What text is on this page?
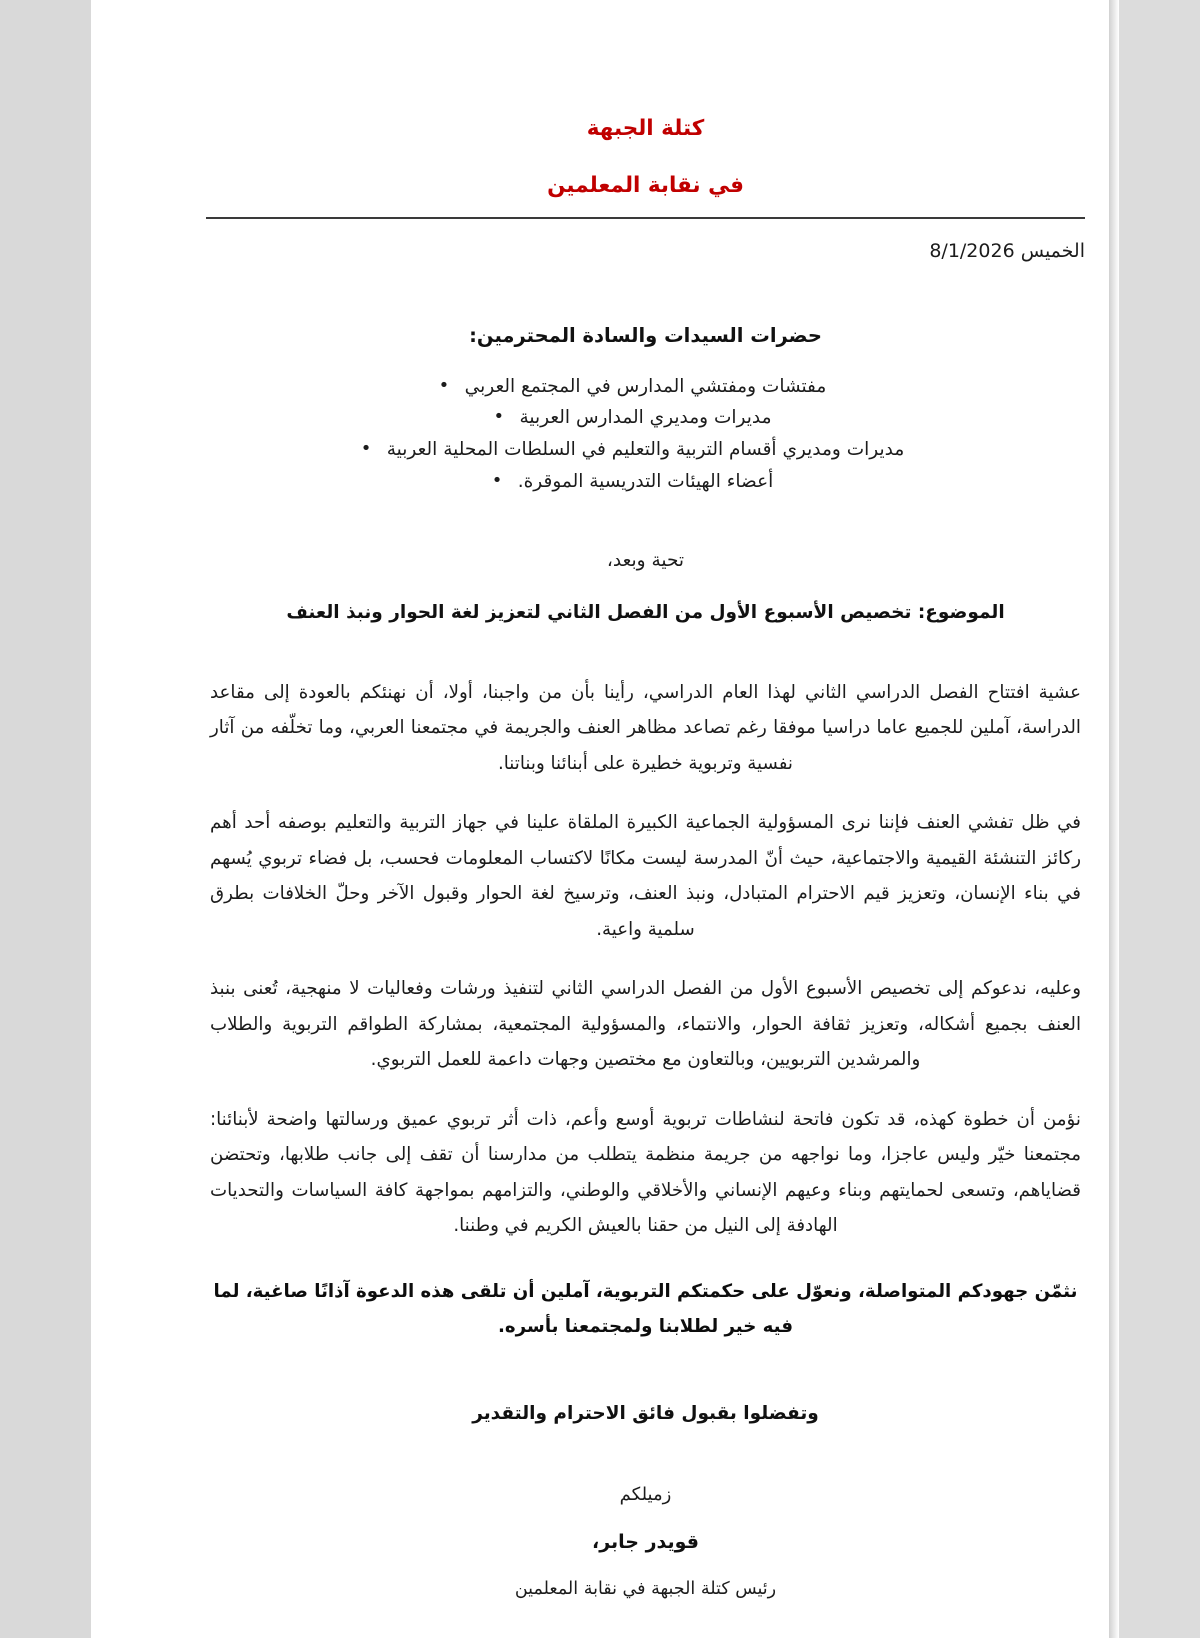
كتلة الجبهة
في نقابة المعلمين
الخميس 8/1/2026
حضرات السيدات والسادة المحترمين:
مفتشات ومفتشي المدارس في المجتمع العربي •
مديرات ومديري المدارس العربية •
مديرات ومديري أقسام التربية والتعليم في السلطات المحلية العربية •
أعضاء الهيئات التدريسية الموقرة. •
تحية وبعد،
الموضوع: تخصيص الأسبوع الأول من الفصل الثاني لتعزيز لغة الحوار ونبذ العنف

عشية افتتاح الفصل الدراسي الثاني لهذا العام الدراسي، رأينا بأن من واجبنا، أولا، أن نهنئكم بالعودة إلى مقاعد الدراسة، آملين للجميع عاما دراسيا موفقا رغم تصاعد مظاهر العنف والجريمة في مجتمعنا العربي، وما تخلّفه من آثار نفسية وتربوية خطيرة على أبنائنا وبناتنا.

في ظل تفشي العنف فإننا نرى المسؤولية الجماعية الكبيرة الملقاة علينا في جهاز التربية والتعليم بوصفه أحد أهم ركائز التنشئة القيمية والاجتماعية، حيث أنّ المدرسة ليست مكانًا لاكتساب المعلومات فحسب، بل فضاء تربوي يُسهم في بناء الإنسان، وتعزيز قيم الاحترام المتبادل، ونبذ العنف، وترسيخ لغة الحوار وقبول الآخر وحلّ الخلافات بطرق سلمية واعية.

وعليه، ندعوكم إلى تخصيص الأسبوع الأول من الفصل الدراسي الثاني لتنفيذ ورشات وفعاليات لا منهجية، تُعنى بنبذ العنف بجميع أشكاله، وتعزيز ثقافة الحوار، والانتماء، والمسؤولية المجتمعية، بمشاركة الطواقم التربوية والطلاب والمرشدين التربويين، وبالتعاون مع مختصين وجهات داعمة للعمل التربوي.

نؤمن أن خطوة كهذه، قد تكون فاتحة لنشاطات تربوية أوسع وأعم، ذات أثر تربوي عميق ورسالتها واضحة لأبنائنا: مجتمعنا خيّر وليس عاجزا، وما نواجهه من جريمة منظمة يتطلب من مدارسنا أن تقف إلى جانب طلابها، وتحتضن قضاياهم، وتسعى لحمايتهم وبناء وعيهم الإنساني والأخلاقي والوطني، والتزامهم بمواجهة كافة السياسات والتحديات الهادفة إلى النيل من حقنا بالعيش الكريم في وطننا.

نثمّن جهودكم المتواصلة، ونعوّل على حكمتكم التربوية، آملين أن تلقى هذه الدعوة آذانًا صاغية، لما فيه خير لطلابنا ولمجتمعنا بأسره.

وتفضلوا بقبول فائق الاحترام والتقدير
زميلكم
قويدر جابر،
رئيس كتلة الجبهة في نقابة المعلمين
